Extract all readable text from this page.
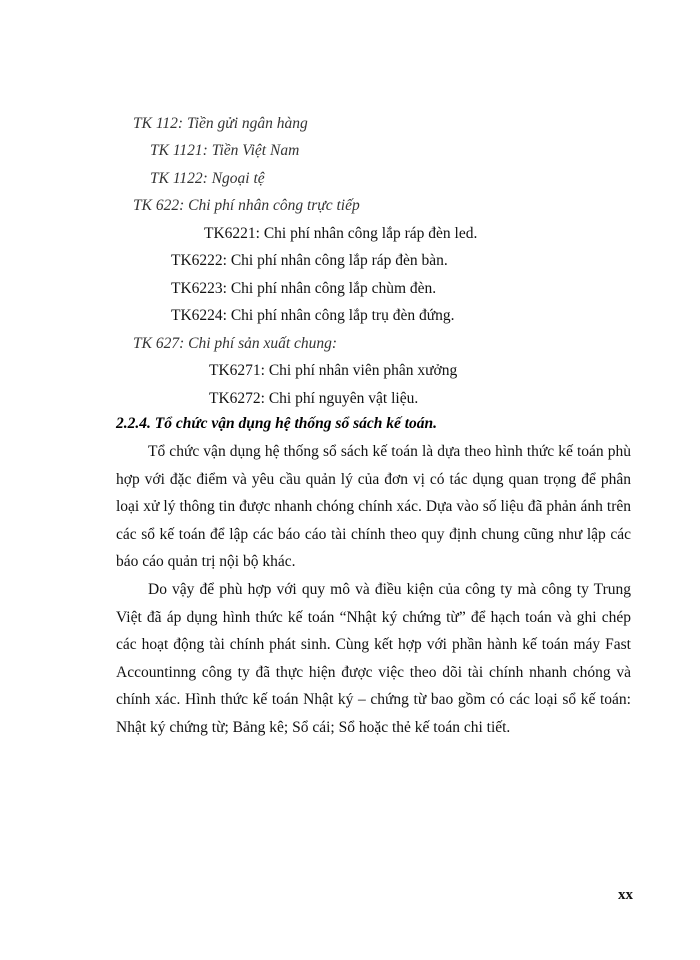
TK 112: Tiền gửi ngân hàng
TK 1121: Tiền Việt Nam
TK 1122: Ngoại tệ
TK 622: Chi phí nhân công trực tiếp
TK6221: Chi phí nhân công lắp ráp đèn led.
TK6222: Chi phí nhân công lắp ráp đèn bàn.
TK6223: Chi phí nhân công lắp chùm đèn.
TK6224: Chi phí nhân công lắp trụ đèn đứng.
TK 627: Chi phí sản xuất chung:
TK6271: Chi phí nhân viên phân xưởng
TK6272: Chi phí nguyên vật liệu.
2.2.4. Tổ chức vận dụng hệ thống sổ sách kế toán.
Tổ chức vận dụng hệ thống sổ sách kế toán là dựa theo hình thức kế toán phù hợp với đặc điểm và yêu cầu quản lý của đơn vị có tác dụng quan trọng để phân loại xử lý thông tin được nhanh chóng chính xác. Dựa vào số liệu đã phản ánh trên các sổ kế toán để lập các báo cáo tài chính theo quy định chung cũng như lập các báo cáo quản trị nội bộ khác.
Do vậy để phù hợp với quy mô và điều kiện của công ty mà công ty Trung Việt đã áp dụng hình thức kế toán “Nhật ký chứng từ” để hạch toán và ghi chép các hoạt động tài chính phát sinh. Cùng kết hợp với phần hành kế toán máy Fast Accountinng công ty đã thực hiện được việc theo dõi tài chính nhanh chóng và chính xác. Hình thức kế toán Nhật ký – chứng từ bao gồm có các loại sổ kế toán: Nhật ký chứng từ; Bảng kê; Sổ cái; Sổ hoặc thẻ kế toán chi tiết.
xx
